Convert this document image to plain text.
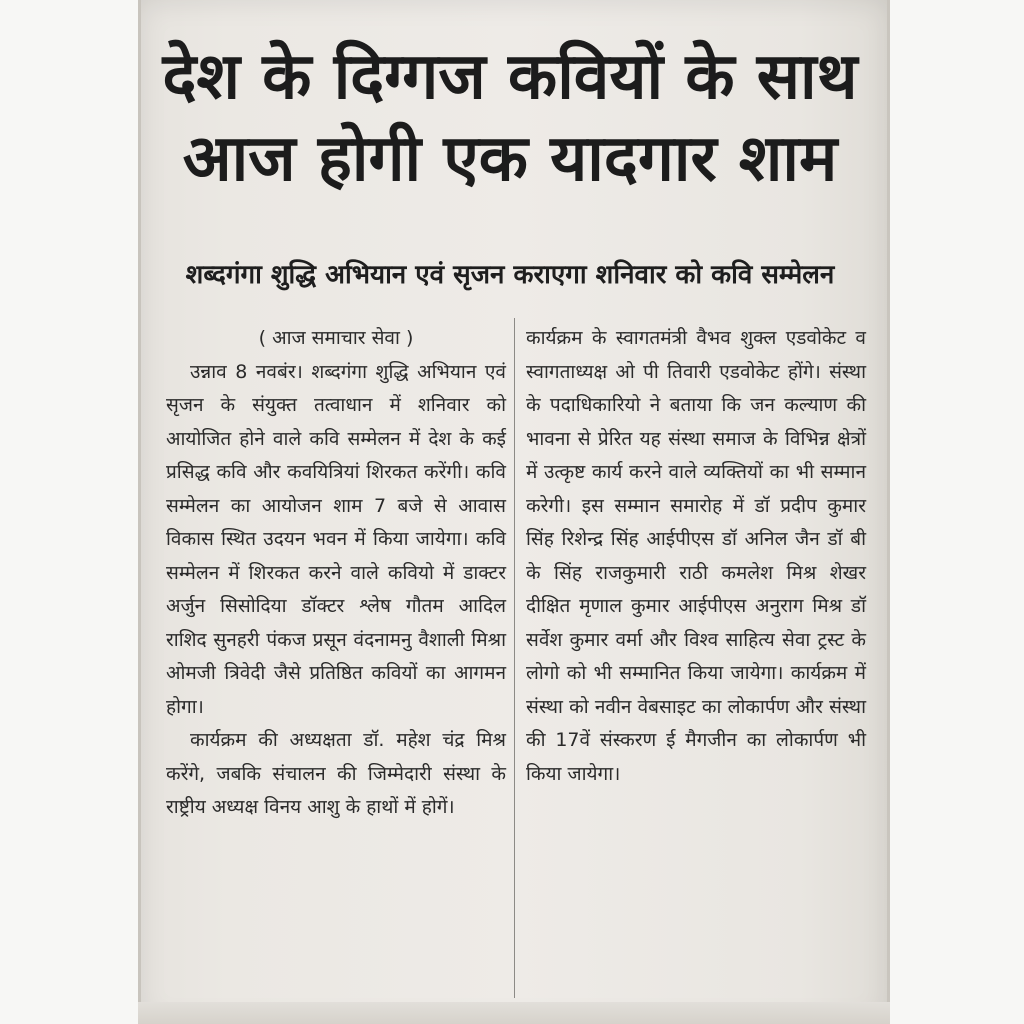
देश के दिग्गज कवियों के साथ
आज होगी एक यादगार शाम
शब्दगंगा शुद्धि अभियान एवं सृजन कराएगा शनिवार को कवि सम्मेलन

( आज समाचार सेवा )

उन्नाव 8 नवबंर। शब्दगंगा शुद्धि अभियान एवं सृजन के संयुक्त तत्वाधान में शनिवार को आयोजित होने वाले कवि सम्मेलन में देश के कई प्रसिद्ध कवि और कवयित्रियां शिरकत करेंगी। कवि सम्मेलन का आयोजन शाम 7 बजे से आवास विकास स्थित उदयन भवन में किया जायेगा। कवि सम्मेलन में शिरकत करने वाले कवियो में डाक्टर अर्जुन सिसोदिया डॉक्टर श्लेष गौतम आदिल राशिद सुनहरी पंकज प्रसून वंदनामनु वैशाली मिश्रा ओमजी त्रिवेदी जैसे प्रतिष्ठित कवियों का आगमन होगा।

कार्यक्रम की अध्यक्षता डॉ. महेश चंद्र मिश्र करेंगे, जबकि संचालन की जिम्मेदारी संस्था के राष्ट्रीय अध्यक्ष विनय आशु के हाथों में होगें।

कार्यक्रम के स्वागतमंत्री वैभव शुक्ल एडवोकेट व स्वागताध्यक्ष ओ पी तिवारी एडवोकेट होंगे। संस्था के पदाधिकारियो ने बताया कि जन कल्याण की भावना से प्रेरित यह संस्था समाज के विभिन्न क्षेत्रों में उत्कृष्ट कार्य करने वाले व्यक्तियों का भी सम्मान करेगी। इस सम्मान समारोह में डॉ प्रदीप कुमार सिंह रिशेन्द्र सिंह आईपीएस डॉ अनिल जैन डॉ बी के सिंह राजकुमारी राठी कमलेश मिश्र शेखर दीक्षित मृणाल कुमार आईपीएस अनुराग मिश्र डॉ सर्वेश कुमार वर्मा और विश्व साहित्य सेवा ट्रस्ट के लोगो को भी सम्मानित किया जायेगा। कार्यक्रम में संस्था को नवीन वेबसाइट का लोकार्पण और संस्था की 17वें संस्करण ई मैगजीन का लोकार्पण भी किया जायेगा।
